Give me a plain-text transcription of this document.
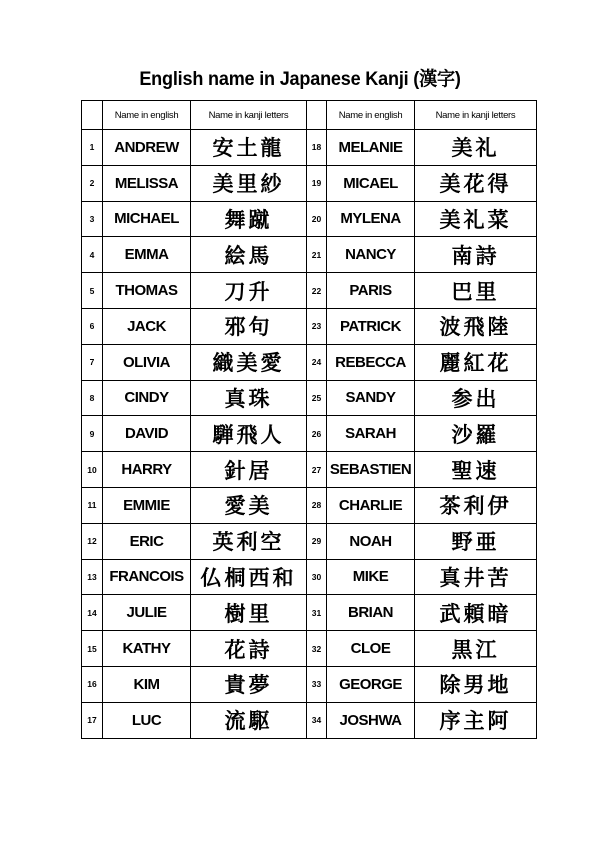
English name in Japanese Kanji (漢字)
	Name in english	Name in kanji letters		Name in english	Name in kanji letters
1	ANDREW	安土龍	18	MELANIE	美礼
2	MELISSA	美里紗	19	MICAEL	美花得
3	MICHAEL	舞蹴	20	MYLENA	美礼菜
4	EMMA	絵馬	21	NANCY	南詩
5	THOMAS	刀升	22	PARIS	巴里
6	JACK	邪句	23	PATRICK	波飛陸
7	OLIVIA	織美愛	24	REBECCA	麗紅花
8	CINDY	真珠	25	SANDY	参出
9	DAVID	騨飛人	26	SARAH	沙羅
10	HARRY	針居	27	SEBASTIEN	聖速
11	EMMIE	愛美	28	CHARLIE	茶利伊
12	ERIC	英利空	29	NOAH	野亜
13	FRANCOIS	仏桐西和	30	MIKE	真井苦
14	JULIE	樹里	31	BRIAN	武頼暗
15	KATHY	花詩	32	CLOE	黒江
16	KIM	貴夢	33	GEORGE	除男地
17	LUC	流駆	34	JOSHWA	序主阿
